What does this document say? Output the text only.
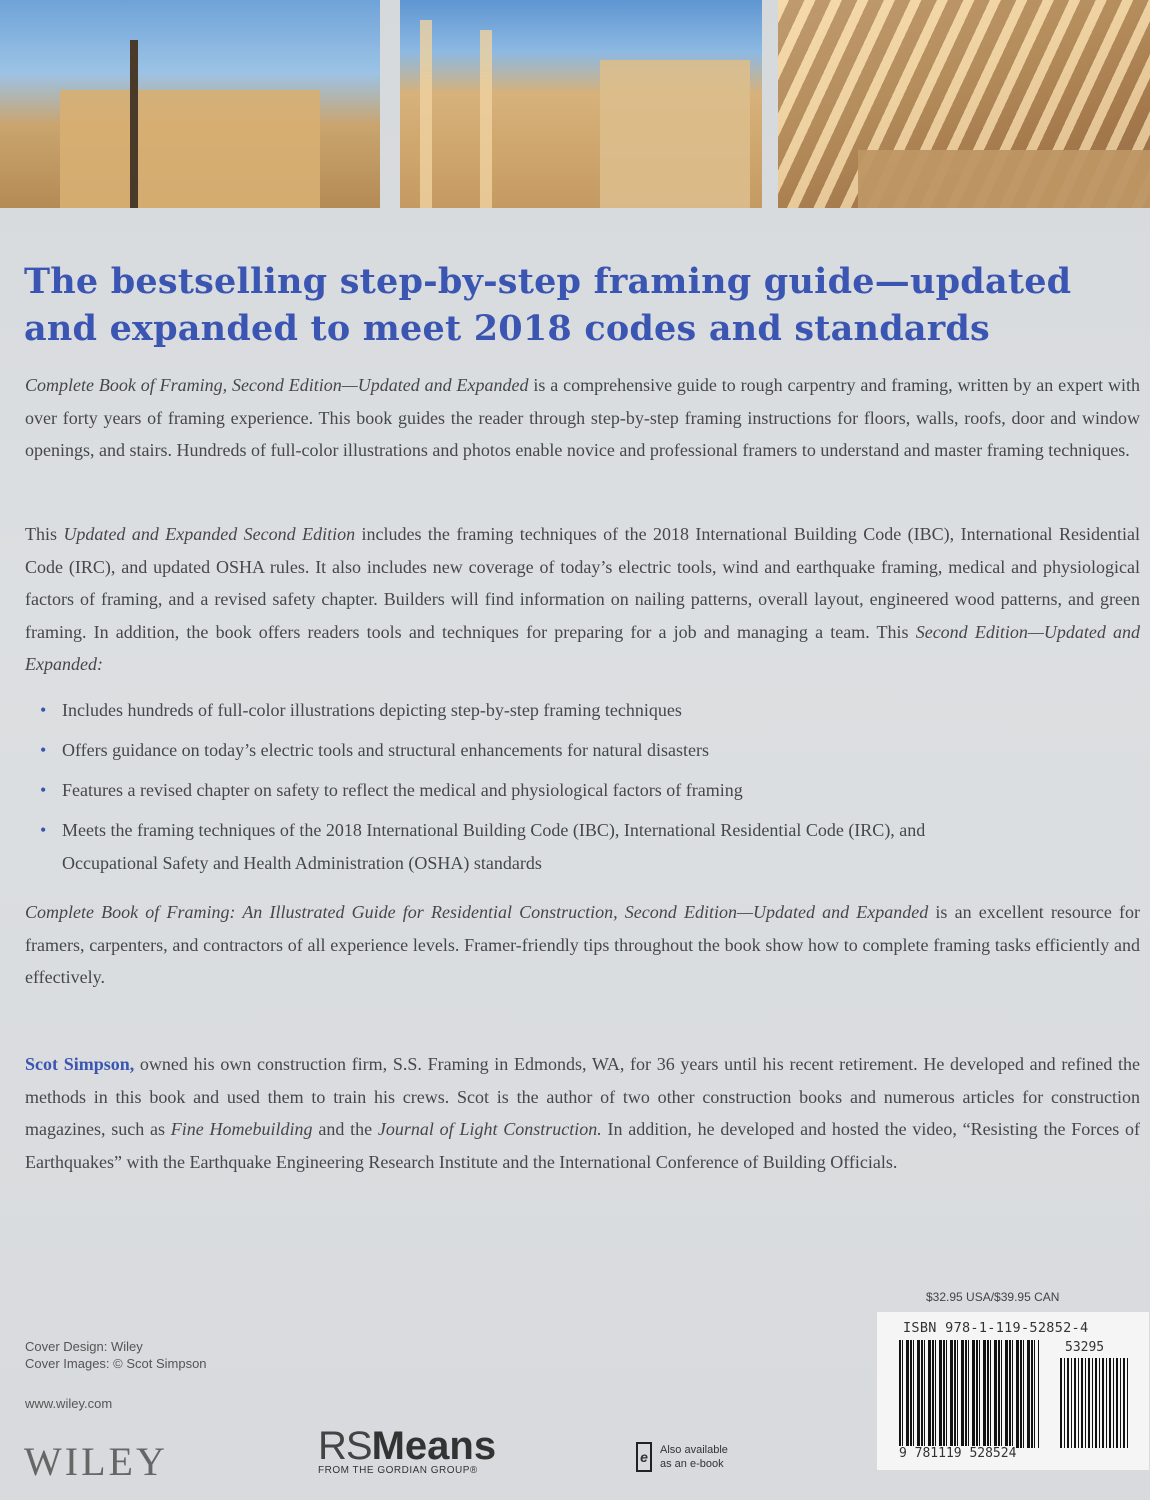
The bestselling step-by-step framing guide—updated
and expanded to meet 2018 codes and standards

Complete Book of Framing, Second Edition—Updated and Expanded is a comprehensive guide to rough carpentry and framing, written by an expert with over forty years of framing experience. This book guides the reader through step-by-step framing instructions for floors, walls, roofs, door and window openings, and stairs. Hundreds of full-color illustrations and photos enable novice and professional framers to understand and master framing techniques.

This Updated and Expanded Second Edition includes the framing techniques of the 2018 International Building Code (IBC), International Residential Code (IRC), and updated OSHA rules. It also includes new coverage of today’s electric tools, wind and earthquake framing, medical and physiological factors of framing, and a revised safety chapter. Builders will find information on nailing patterns, overall layout, engineered wood patterns, and green framing. In addition, the book offers readers tools and techniques for preparing for a job and managing a team. This Second Edition—Updated and Expanded:

• Includes hundreds of full-color illustrations depicting step-by-step framing techniques
• Offers guidance on today’s electric tools and structural enhancements for natural disasters
• Features a revised chapter on safety to reflect the medical and physiological factors of framing
• Meets the framing techniques of the 2018 International Building Code (IBC), International Residential Code (IRC), and Occupational Safety and Health Administration (OSHA) standards

Complete Book of Framing: An Illustrated Guide for Residential Construction, Second Edition—Updated and Expanded is an excellent resource for framers, carpenters, and contractors of all experience levels. Framer-friendly tips throughout the book show how to complete framing tasks efficiently and effectively.

Scot Simpson, owned his own construction firm, S.S. Framing in Edmonds, WA, for 36 years until his recent retirement. He developed and refined the methods in this book and used them to train his crews. Scot is the author of two other construction books and numerous articles for construction magazines, such as Fine Homebuilding and the Journal of Light Construction. In addition, he developed and hosted the video, “Resisting the Forces of Earthquakes” with the Earthquake Engineering Research Institute and the International Conference of Building Officials.

Cover Design: Wiley
Cover Images: © Scot Simpson
www.wiley.com
WILEY	RSMeans
FROM THE GORDIAN GROUP®
e	Also available
as an e-book
$32.95 USA/$39.95 CAN
ISBN 978-1-119-52852-4
53295
9 781119 528524
